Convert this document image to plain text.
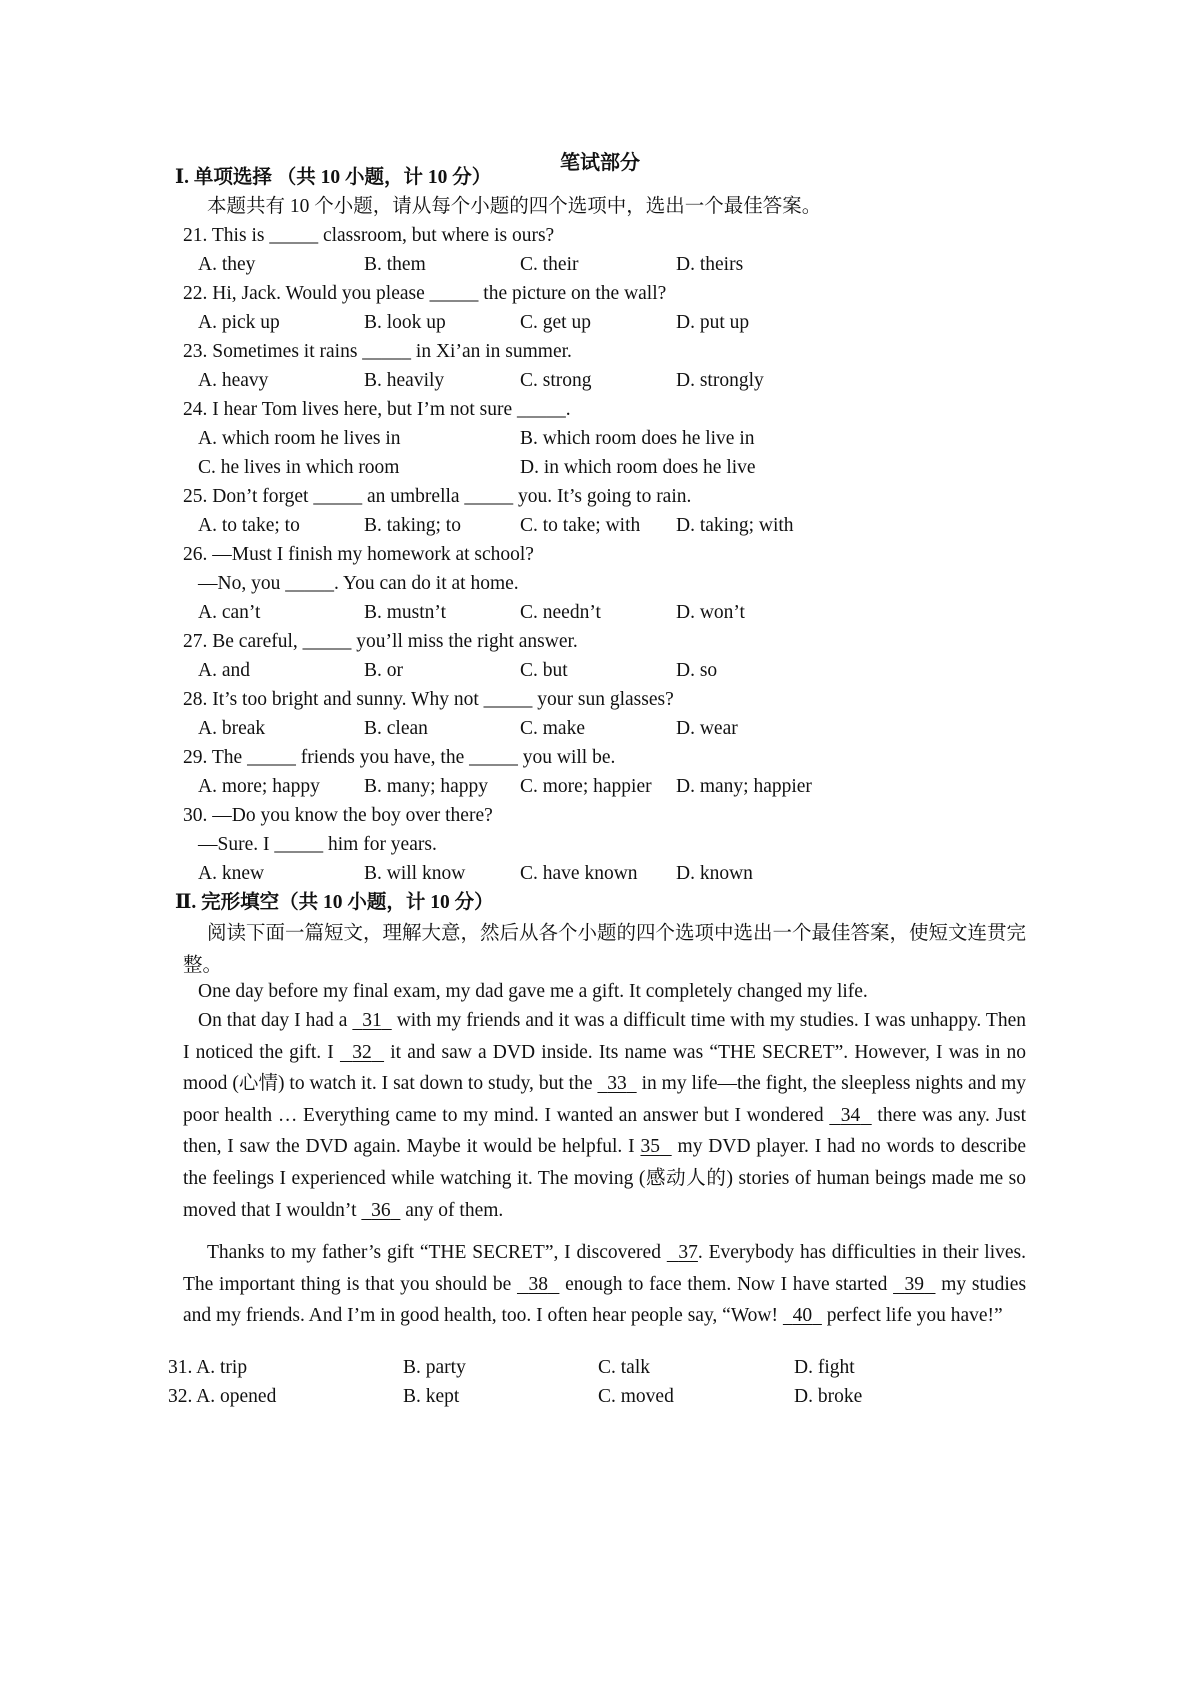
笔试部分
Ⅰ. 单项选择 （共 10 小题，计 10 分）
本题共有 10 个小题，请从每个小题的四个选项中，选出一个最佳答案。
21. This is _____ classroom, but where is ours?
A. they	B. them	C. their	D. theirs
22. Hi, Jack. Would you please _____ the picture on the wall?
A. pick up	B. look up	C. get up	D. put up
23. Sometimes it rains _____ in Xi’an in summer.
A. heavy	B. heavily	C. strong	D. strongly
24. I hear Tom lives here, but I’m not sure _____.
A. which room he lives in	B. which room does he live in
C. he lives in which room	D. in which room does he live
25. Don’t forget _____ an umbrella _____ you. It’s going to rain.
A. to take; to	B. taking; to	C. to take; with D. taking; with
26. —Must I finish my homework at school?
—No, you _____. You can do it at home.
A. can’t	B. mustn’t	C. needn’t	D. won’t
27. Be careful, _____ you’ll miss the right answer.
A. and	B. or	C. but	D. so
28. It’s too bright and sunny. Why not _____ your sun glasses?
A. break	B. clean	C. make	D. wear
29. The _____ friends you have, the _____ you will be.
A. more; happy B. many; happy C. more; happier D. many; happier
30. —Do you know the boy over there?
—Sure. I _____ him for years.
A. knew	B. will know	C. have known D. known
Ⅱ. 完形填空（共 10 小题，计 10 分）
阅读下面一篇短文，理解大意，然后从各个小题的四个选项中选出一个最佳答案，使短文连贯完整。
One day before my final exam, my dad gave me a gift. It completely changed my life.
On that day I had a   31   with my friends and it was a difficult time with my studies. I was unhappy. Then I noticed the gift. I   32   it and saw a DVD inside. Its name was “THE SECRET”. However, I was in no mood (心情) to watch it. I sat down to study, but the   33   in my life—the fight, the sleepless nights and my poor health … Everything came to my mind. I wanted an answer but I wondered   34   there was any. Just then, I saw the DVD again. Maybe it would be helpful. I 35   my DVD player. I had no words to describe the feelings I experienced while watching it. The moving (感动人的) stories of human beings made me so moved that I wouldn’t   36   any of them.
Thanks to my father’s gift “THE SECRET”, I discovered   37. Everybody has difficulties in their lives. The important thing is that you should be   38   enough to face them. Now I have started   39   my studies and my friends. And I’m in good health, too. I often hear people say, “Wow!   40   perfect life you have!”
31. A. trip	B. party	C. talk	D. fight
32. A. opened	B. kept	C. moved	D. broke
